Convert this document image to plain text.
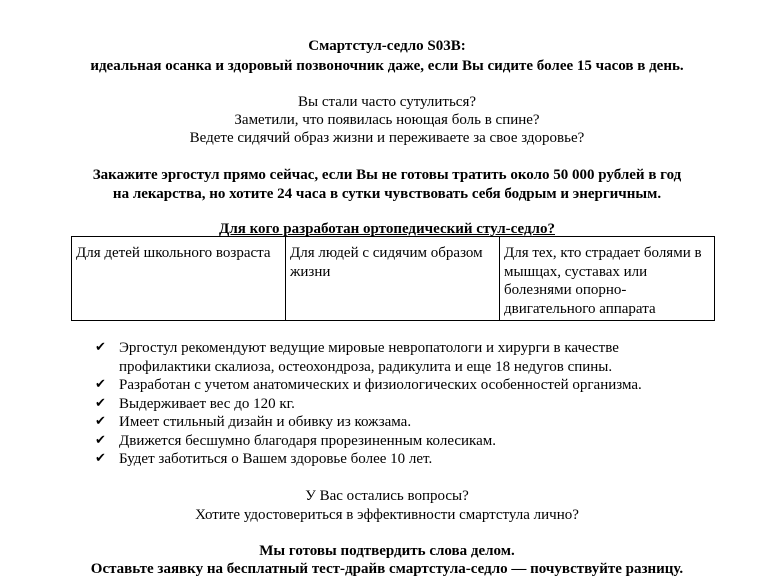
Смартстул-седло S03B:
идеальная осанка и здоровый позвоночник даже, если Вы сидите более 15 часов в день.
Вы стали часто сутулиться?
Заметили, что появилась ноющая боль в спине?
Ведете сидячий образ жизни и переживаете за свое здоровье?
Закажите эргостул прямо сейчас, если Вы не готовы тратить около 50 000 рублей в год
на лекарства, но хотите 24 часа в сутки чувствовать себя бодрым и энергичным.
Для кого разработан ортопедический стул-седло?
Для детей школьного возраста	Для людей с сидячим образом жизни	Для тех, кто страдает болями в мышцах, суставах или болезнями опорно-двигательного аппарата
✔ Эргостул рекомендуют ведущие мировые невропатологи и хирурги в качестве
профилактики скалиоза, остеохондроза, радикулита и еще 18 недугов спины.
✔ Разработан с учетом анатомических и физиологических особенностей организма.
✔ Выдерживает вес до 120 кг.
✔ Имеет стильный дизайн и обивку из кожзама.
✔ Движется бесшумно благодаря прорезиненным колесикам.
✔ Будет заботиться о Вашем здоровье более 10 лет.
У Вас остались вопросы?
Хотите удостовериться в эффективности смартстула лично?
Мы готовы подтвердить слова делом.
Оставьте заявку на бесплатный тест-драйв смартстула-седло — почувствуйте разницу.
